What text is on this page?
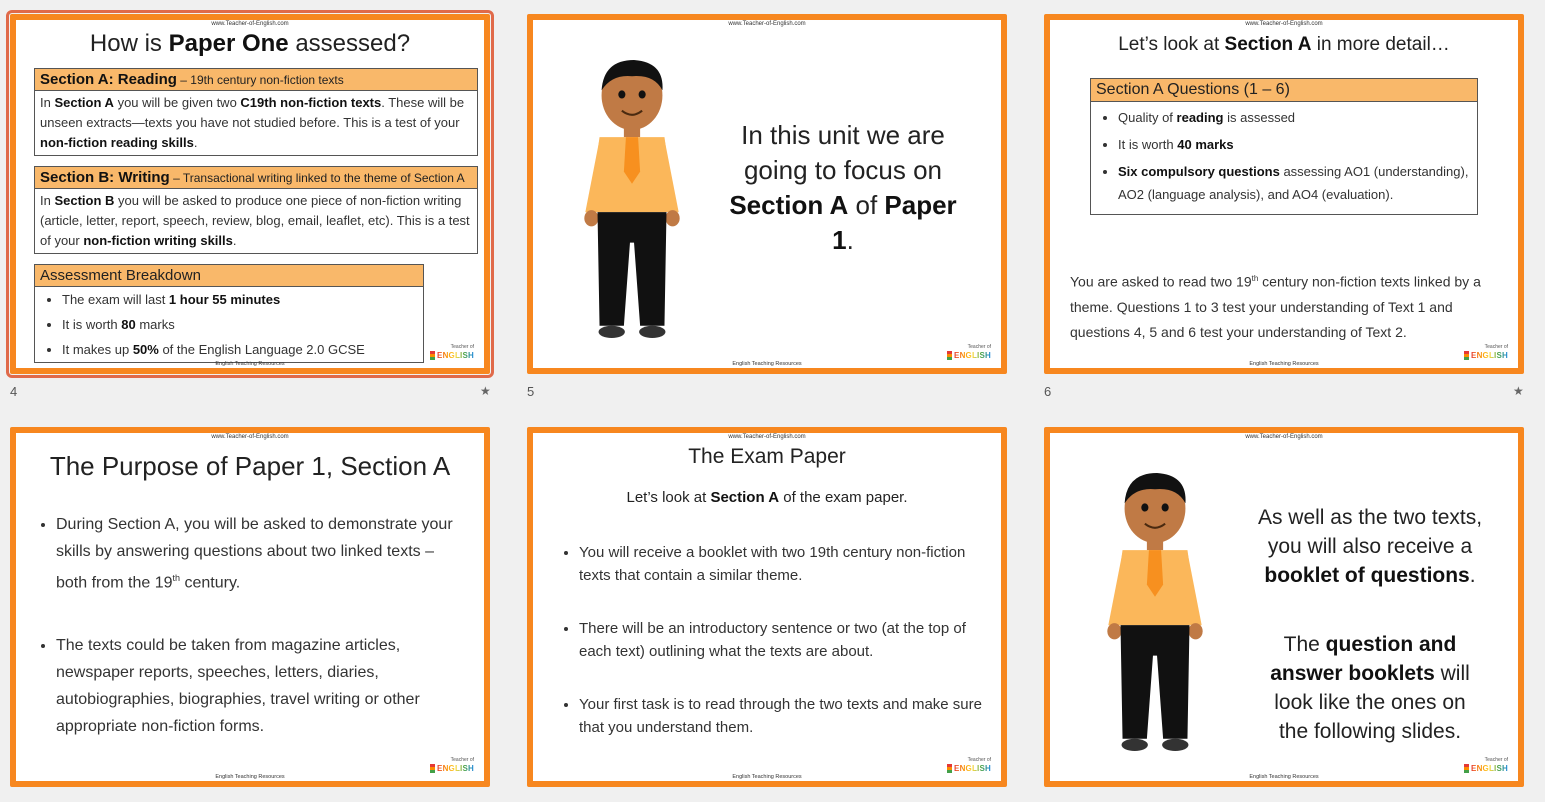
www.Teacher-of-English.com
How is Paper One assessed?
Section A: Reading – 19th century non-fiction texts
In Section A you will be given two C19th non-fiction texts. These will be unseen extracts—texts you have not studied before. This is a test of your non-fiction reading skills.
Section B: Writing – Transactional writing linked to the theme of Section A
In Section B you will be asked to produce one piece of non-fiction writing (article, letter, report, speech, review, blog, email, leaflet, etc). This is a test of your non-fiction writing skills.
Assessment Breakdown
• The exam will last 1 hour 55 minutes
• It is worth 80 marks
• It makes up 50% of the English Language 2.0 GCSE	Teacher of
ENGLISH
English Teaching Resources
4	★
www.Teacher-of-English.com
In this unit we are
going to focus on
Section A of Paper 1.
Teacher of
ENGLISH
English Teaching Resources
5
www.Teacher-of-English.com
Let’s look at Section A in more detail…
Section A Questions (1 – 6)
• Quality of reading is assessed
• It is worth 40 marks
• Six compulsory questions assessing AO1 (understanding), AO2 (language analysis), and AO4 (evaluation).
You are asked to read two 19th century non-fiction texts linked by a theme. Questions 1 to 3 test your understanding of Text 1 and questions 4, 5 and 6 test your understanding of Text 2.
Teacher of
ENGLISH
English Teaching Resources
6	★
www.Teacher-of-English.com
The Purpose of Paper 1, Section A
• During Section A, you will be asked to demonstrate your skills by answering questions about two linked texts – both from the 19th century.
• The texts could be taken from magazine articles, newspaper reports, speeches, letters, diaries, autobiographies, biographies, travel writing or other appropriate non-fiction forms.
Teacher of
ENGLISH
English Teaching Resources
www.Teacher-of-English.com
The Exam Paper
Let’s look at Section A of the exam paper.
• You will receive a booklet with two 19th century non-fiction texts that contain a similar theme.
• There will be an introductory sentence or two (at the top of each text) outlining what the texts are about.
• Your first task is to read through the two texts and make sure that you understand them.
Teacher of
ENGLISH
English Teaching Resources
www.Teacher-of-English.com
As well as the two texts,
you will also receive a
booklet of questions.
The question and
answer booklets will
look like the ones on
the following slides.
Teacher of
ENGLISH
English Teaching Resources
